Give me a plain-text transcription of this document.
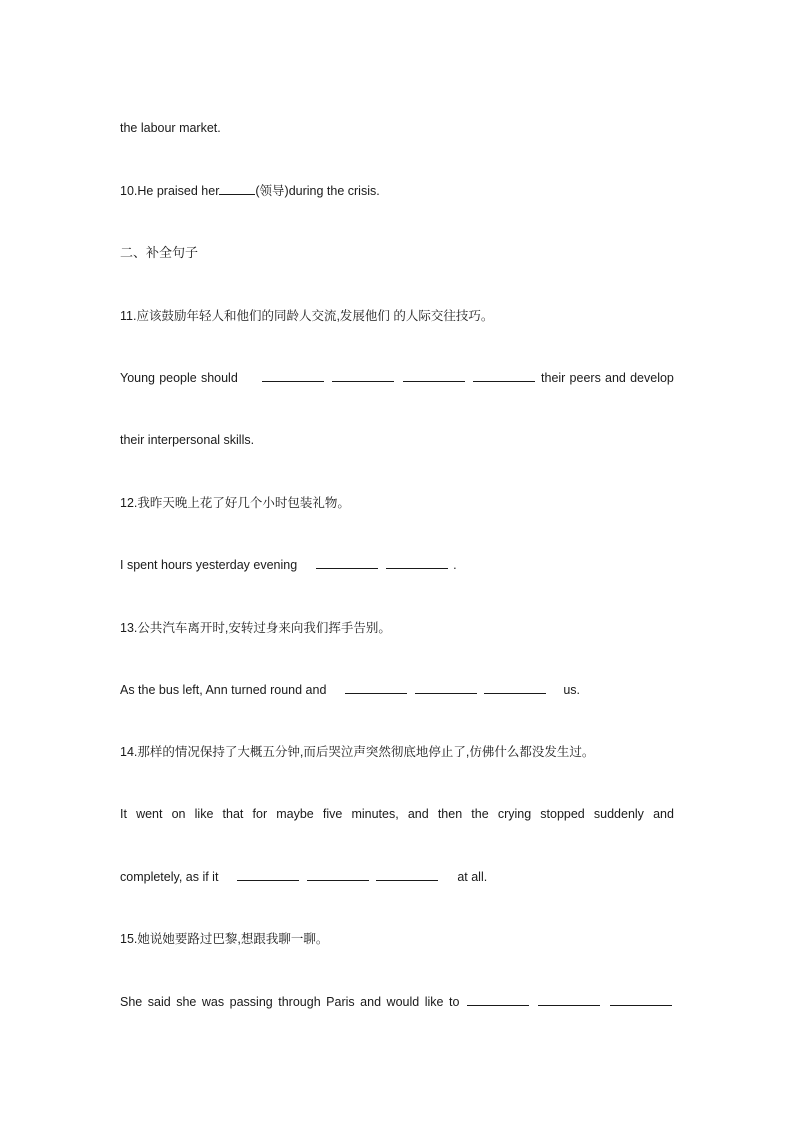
the labour market.
10.He praised her	(领导)during the crisis.
二、补全句子
11.应该鼓励年轻人和他们的同龄人交流,发展他们 的人际交往技巧。
Young people should	their peers and develop
their interpersonal skills.
12.我昨天晚上花了好几个小时包装礼物。
I spent hours yesterday evening	.
13.公共汽车离开时,安转过身来向我们挥手告别。
As the bus left, Ann turned round and	us.
14.那样的情况保持了大概五分钟,而后哭泣声突然彻底地停止了,仿佛什么都没发生过。
It went on like that for maybe five minutes, and then the crying stopped suddenly and
completely, as if it	at all.
15.她说她要路过巴黎,想跟我聊一聊。
She said she was passing through Paris and would like to
